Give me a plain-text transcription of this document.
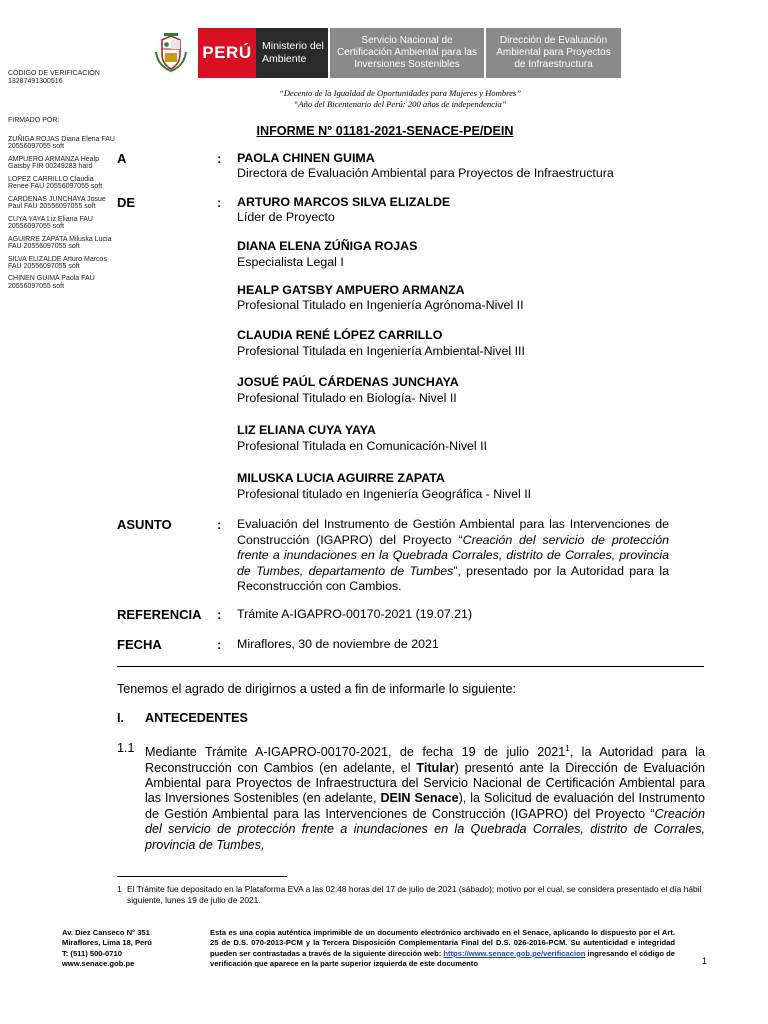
PERÚ Ministerio del Ambiente
Servicio Nacional de Certificación Ambiental para las Inversiones Sostenibles
Dirección de Evaluación Ambiental para Proyectos de Infraestructura
CÓDIGO DE VERIFICACIÓN
13287491300516
FIRMADO POR:
ZUÑIGA ROJAS Diana Elena FAU 20556097055 soft
AMPUERO ARMANZA Healp Gatsby FIR 00249283 hard
LOPEZ CARRILLO Claudia Renee FAU 20556097055 soft
CARDENAS JUNCHAYA Josue Paul FAU 20556097055 soft
CUYA YAYA Liz Eliana FAU 20556097055 soft
AGUIRRE ZAPATA Miluska Lucia FAU 20556097055 soft
SILVA ELIZALDE Arturo Marcos FAU 20556097055 soft
CHINEN GUIMA Paola FAU 20556097055 soft
“Decenio de la Igualdad de Oportunidades para Mujeres y Hombres”
“Año del Bicentenario del Perú: 200 años de independencia”
INFORME N° 01181-2021-SENACE-PE/DEIN
A	: PAOLA CHINEN GUIMA
Directora de Evaluación Ambiental para Proyectos de Infraestructura
DE	: ARTURO MARCOS SILVA ELIZALDE
Líder de Proyecto
DIANA ELENA ZÚÑIGA ROJAS
Especialista Legal I
HEALP GATSBY AMPUERO ARMANZA
Profesional Titulado en Ingeniería Agrónoma-Nivel II
CLAUDIA RENÉ LÓPEZ CARRILLO
Profesional Titulada en Ingeniería Ambiental-Nivel III
JOSUÉ PAÚL CÁRDENAS JUNCHAYA
Profesional Titulado en Biología- Nivel II
LIZ ELIANA CUYA YAYA
Profesional Titulada en Comunicación-Nivel II
MILUSKA LUCIA AGUIRRE ZAPATA
Profesional titulado en Ingeniería Geográfica - Nivel II
ASUNTO	: Evaluación del Instrumento de Gestión Ambiental para las Intervenciones de Construcción (IGAPRO) del Proyecto “Creación del servicio de protección frente a inundaciones en la Quebrada Corrales, distrito de Corrales, provincia de Tumbes, departamento de Tumbes”, presentado por la Autoridad para la Reconstrucción con Cambios.
REFERENCIA : Trámite A-IGAPRO-00170-2021 (19.07.21)
FECHA	: Miraflores, 30 de noviembre de 2021
Tenemos el agrado de dirigirnos a usted a fin de informarle lo siguiente:
I. ANTECEDENTES
1.1 Mediante Trámite A-IGAPRO-00170-2021, de fecha 19 de julio 2021$^1$, la Autoridad para la Reconstrucción con Cambios (en adelante, el Titular) presentó ante la Dirección de Evaluación Ambiental para Proyectos de Infraestructura del Servicio Nacional de Certificación Ambiental para las Inversiones Sostenibles (en adelante, DEIN Senace), la Solicitud de evaluación del Instrumento de Gestión Ambiental para las Intervenciones de Construcción (IGAPRO) del Proyecto “Creación del servicio de protección frente a inundaciones en la Quebrada Corrales, distrito de Corrales, provincia de Tumbes,
1 El Trámite fue depositado en la Plataforma EVA a las 02:48 horas del 17 de julio de 2021 (sábado); motivo por el cual, se considera presentado el día hábil siguiente, lunes 19 de julio de 2021.
Av. Diez Canseco N° 351
Miraflores, Lima 18, Perú
T: (511) 500-0710
www.senace.gob.pe
Esta es una copia auténtica imprimible de un documento electrónico archivado en el Senace, aplicando lo dispuesto por el Art. 25 de D.S. 070-2013-PCM y la Tercera Disposición Complementaria Final del D.S. 026-2016-PCM. Su autenticidad e integridad pueden ser contrastadas a través de la siguiente dirección web: https://www.senace.gob.pe/verificacion ingresando el código de verificación que aparece en la parte superior izquierda de este documento	1
